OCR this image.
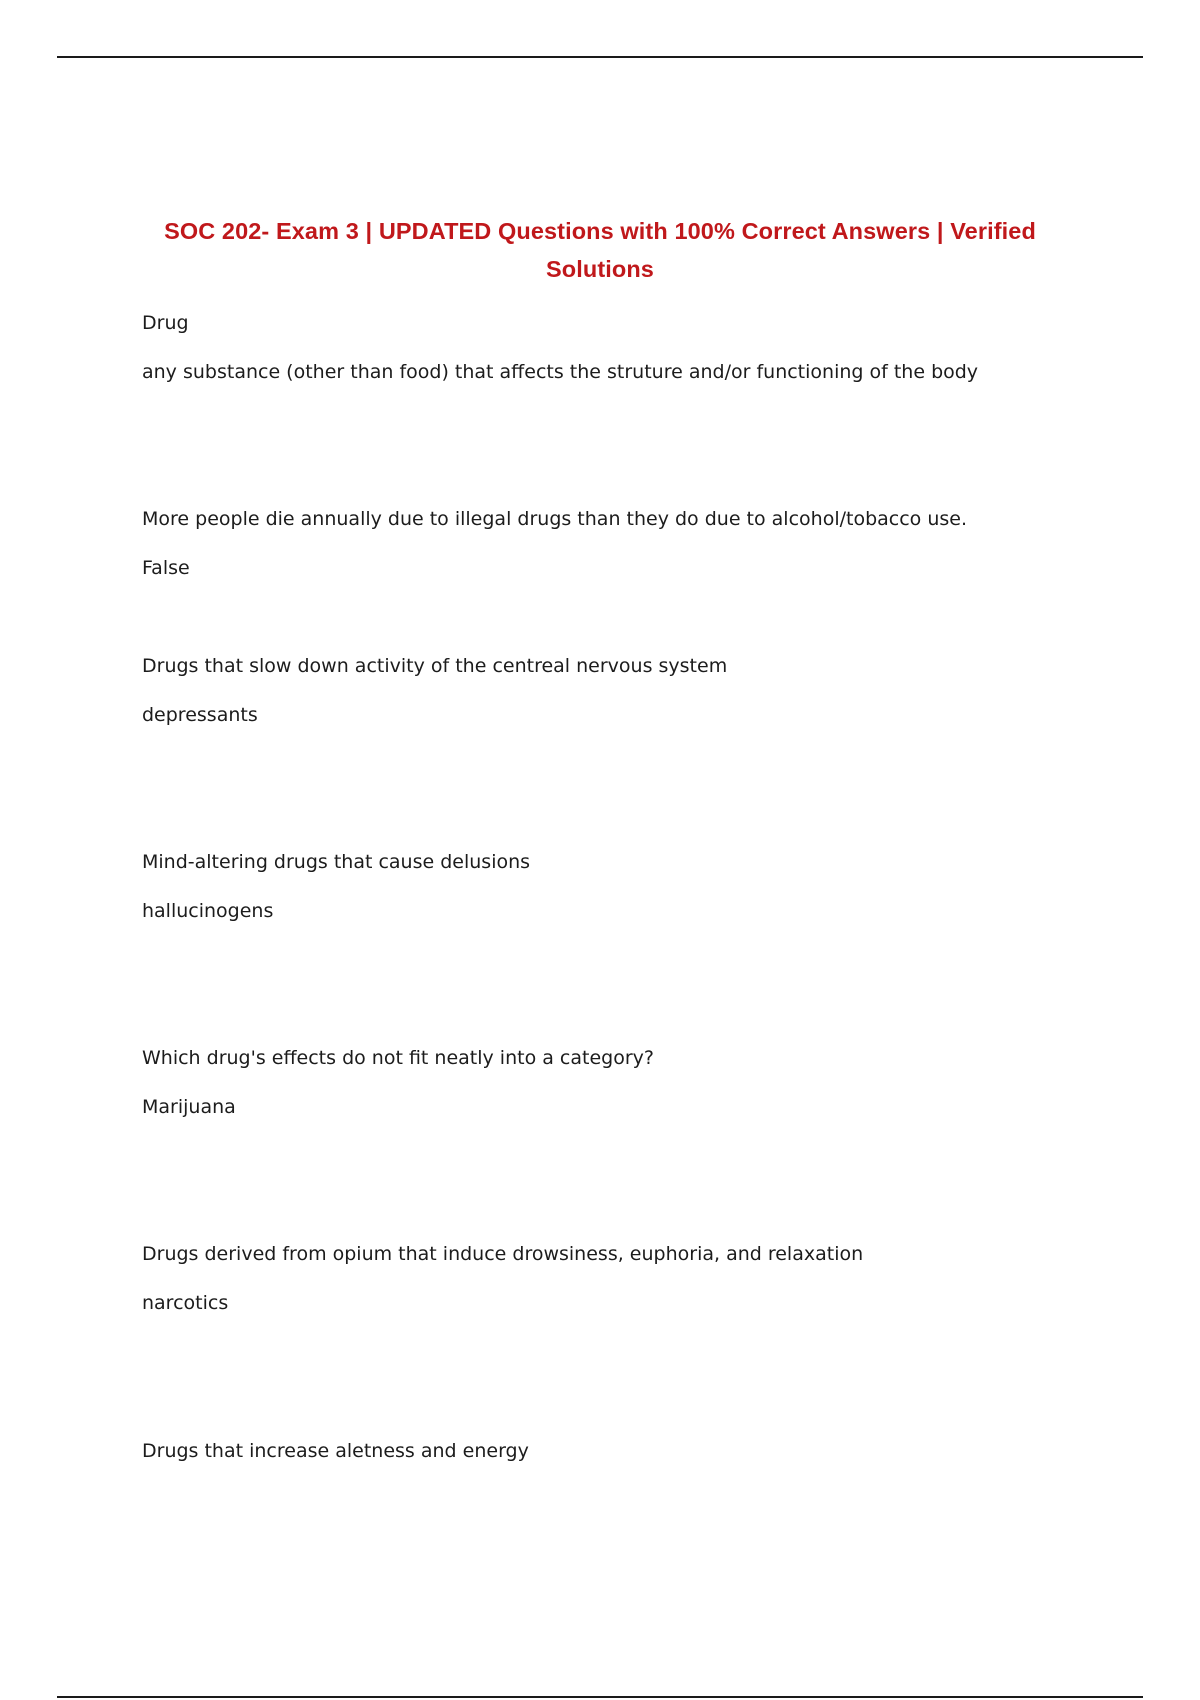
SOC 202- Exam 3 | UPDATED Questions with 100% Correct Answers | Verified Solutions
Drug
any substance (other than food) that affects the struture and/or functioning of the body
More people die annually due to illegal drugs than they do due to alcohol/tobacco use.
False
Drugs that slow down activity of the centreal nervous system
depressants
Mind-altering drugs that cause delusions
hallucinogens
Which drug's effects do not fit neatly into a category?
Marijuana
Drugs derived from opium that induce drowsiness, euphoria, and relaxation
narcotics
Drugs that increase aletness and energy
